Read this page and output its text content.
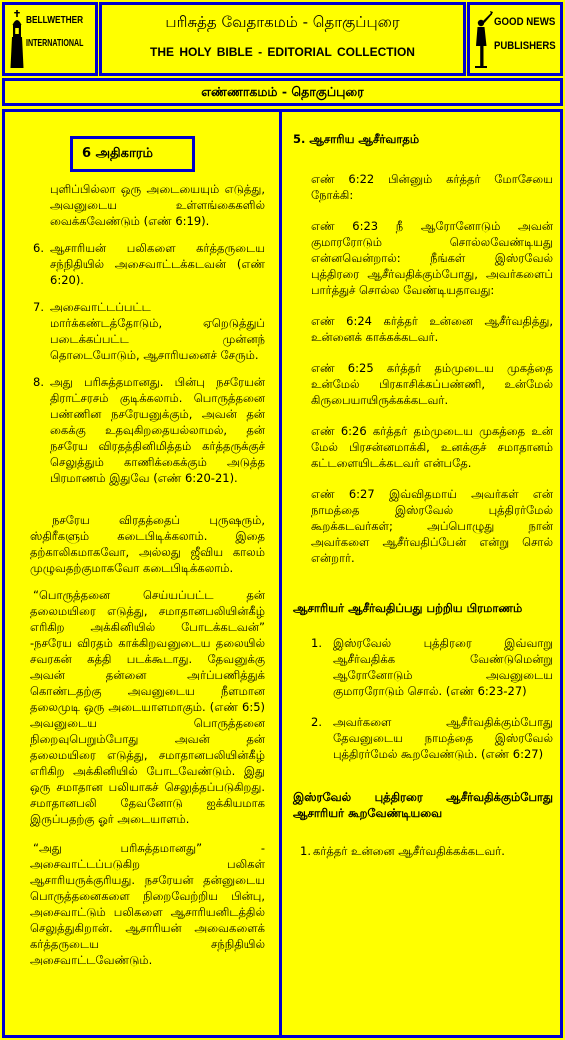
BELLWETHER
INTERNATIONAL
பரிசுத்த வேதாகமம் - தொகுப்புரை
THE HOLY BIBLE - EDITORIAL COLLECTION
GOOD NEWS
PUBLISHERS
எண்ணாகமம் - தொகுப்புரை
6 அதிகாரம்

புளிப்பில்லா ஒரு அடையையும் எடுத்து, அவனுடைய உள்ளங்கைகளில் வைக்கவேண்டும் (எண் 6:19).

6. ஆசாரியன் பலிகளை கர்த்தருடைய சந்நிதியில் அசைவாட்டக்கடவன் (எண் 6:20).

7. அசைவாட்டப்பட்ட மார்க்கண்டத்தோடும், ஏறெடுத்துப் படைக்கப்பட்ட முன்னந் தொடையோடும், ஆசாரியனைச் சேரும்.

8. அது பரிசுத்தமானது. பின்பு நசரேயன் திராட்சரசம் குடிக்கலாம். பொருத்தனை பண்ணின நசரேயனுக்கும், அவன் தன் கைக்கு உதவுகிறதையல்லாமல், தன் நசரேய விரதத்தினிமித்தம் கர்த்தருக்குச் செலுத்தும் காணிக்கைக்கும் அடுத்த பிரமாணம் இதுவே (எண் 6:20-21).

நசரேய விரதத்தைப் புருஷரும், ஸ்திரீகளும் கடைபிடிக்கலாம். இதை தற்காலிகமாகவோ, அல்லது ஜீவிய காலம் முழுவதற்குமாகவோ கடைபிடிக்கலாம்.

“பொருத்தனை செய்யப்பட்ட தன் தலைமயிரை எடுத்து, சமாதானபலியின்கீழ் எரிகிற அக்கினியில் போடக்கடவன்” -நசரேய விரதம் காக்கிறவனுடைய தலையில் சவரகன் கத்தி படக்கூடாது. தேவனுக்கு அவன் தன்னை அர்ப்பணித்துக் கொண்டதற்கு அவனுடைய நீளமான தலைமுடி ஒரு அடையாளமாகும். (எண் 6:5) அவனுடைய பொருத்தனை நிறைவுபெறும்போது அவன் தன் தலைமயிரை எடுத்து, சமாதானபலியின்கீழ் எரிகிற அக்கினியில் போடவேண்டும். இது ஒரு சமாதான பலியாகச் செலுத்தப்படுகிறது. சமாதானபலி தேவனோடு ஐக்கியமாக இருப்பதற்கு ஓர் அடையாளம்.

“அது பரிசுத்தமானது” - அசைவாட்டப்படுகிற பலிகள் ஆசாரியருக்குரியது. நசரேயன் தன்னுடைய பொருத்தனைகளை நிறைவேற்றிய பின்பு, அசைவாட்டும் பலிகளை ஆசாரியனிடத்தில் செலுத்துகிறான். ஆசாரியன் அவைகளைக் கர்த்தருடைய சந்நிதியில் அசைவாட்டவேண்டும்.

5. ஆசாரிய ஆசீர்வாதம்

எண் 6:22 பின்னும் கர்த்தர் மோசேயை நோக்கி:

எண் 6:23 நீ ஆரோனோடும் அவன் குமாரரோடும் சொல்லவேண்டியது என்னவென்றால்: நீங்கள் இஸ்ரவேல் புத்திரரை ஆசீர்வதிக்கும்போது, அவர்களைப் பார்த்துச் சொல்ல வேண்டியதாவது:

எண் 6:24 கர்த்தர் உன்னை ஆசீர்வதித்து, உன்னைக் காக்கக்கடவர்.

எண் 6:25 கர்த்தர் தம்முடைய முகத்தை உன்மேல் பிரகாசிக்கப்பண்ணி, உன்மேல் கிருபையாயிருக்கக்கடவர்.

எண் 6:26 கர்த்தர் தம்முடைய முகத்தை உன் மேல் பிரசன்னமாக்கி, உனக்குச் சமாதானம் கட்டளையிடக்கடவர் என்பதே.

எண் 6:27 இவ்விதமாய் அவர்கள் என் நாமத்தை இஸ்ரவேல் புத்திரர்மேல் கூறக்கடவர்கள்; அப்பொழுது நான் அவர்களை ஆசீர்வதிப்பேன் என்று சொல் என்றார்.

ஆசாரியர் ஆசீர்வதிப்பது பற்றிய பிரமாணம்

1. இஸ்ரவேல் புத்திரரை இவ்வாறு ஆசீர்வதிக்க வேண்டுமென்று ஆரோனோடும் அவனுடைய குமாரரோடும் சொல். (எண் 6:23-27)

2. அவர்களை ஆசீர்வதிக்கும்போது தேவனுடைய நாமத்தை இஸ்ரவேல் புத்திரர்மேல் கூறவேண்டும். (எண் 6:27)

இஸ்ரவேல் புத்திரரை ஆசீர்வதிக்கும்போது ஆசாரியர் கூறவேண்டியவை

1. கர்த்தர் உன்னை ஆசீர்வதிக்கக்கடவர்.
